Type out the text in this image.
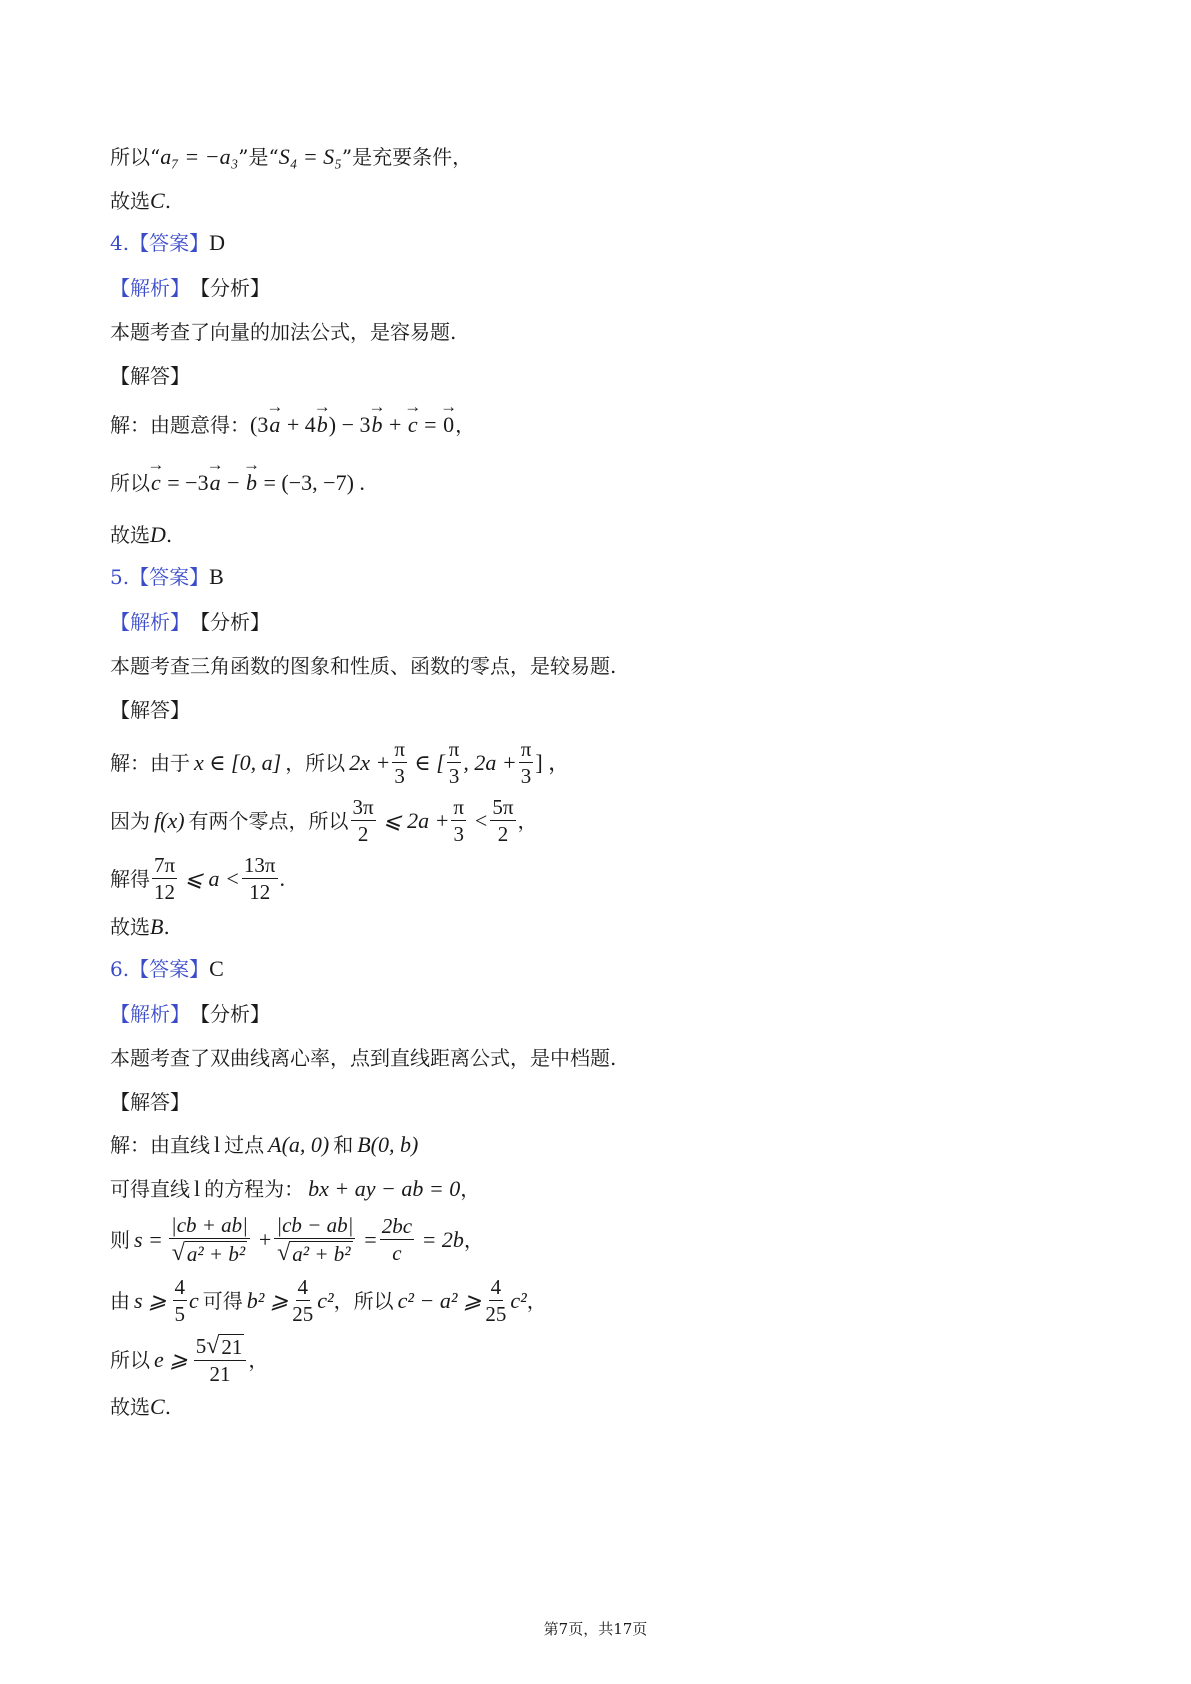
所以“ a₇ = −a₃ ”是“ S₄ = S₅ ”是充要条件，
故选 C .
4. 【答案】 D
【解析】 【分析】
本题考查了向量的加法公式，是容易题.
【解答】
解：由题意得： (3 → a + 4 → b ) − 3 → b + → c = → 0 ，
所以 → c = −3 → a − → b = (−3, −7) .
故选 D .
5. 【答案】 B
【解析】 【分析】
本题考查三角函数的图象和性质、函数的零点，是较易题.
【解答】
解：由于 x ∈ [0, a] ，所以 $2x + \frac{\pi}{3}$ ∈ [ $\frac{\pi}{3}$ , $2a + \frac{\pi}{3}$ ] ，
因为 f(x) 有两个零点，所以 $\frac{3\pi}{2}$ ⩽ $2a + \frac{\pi}{3} < \frac{5\pi}{2}$ ，
解得 $\frac{7\pi}{12}$ ⩽ $a < \frac{13\pi}{12}$ .
故选 B .
6. 【答案】 C
【解析】 【分析】
本题考查了双曲线离心率，点到直线距离公式，是中档题.
【解答】
解：由直线 l 过点 A(a, 0) 和 B(0, b)
可得直线 l 的方程为： bx + ay − ab = 0 ，
则 $s = \frac{|cb + ab|}{\text{√ a² + b²}} + \frac{|cb - ab|}{\text{√ a² + b²}} = \frac{2bc}{c} = 2b$ ，
由 s ⩾ $\frac{4}{5}$ c 可得 b² ⩾ $\frac{4}{25} c^2$ ，所以 c² − a² ⩾ $\frac{4}{25} c^2$ ，
所以 e ⩾ $\frac{5 √ 21}{21}$ ，
故选 C .
第7页，共17页
